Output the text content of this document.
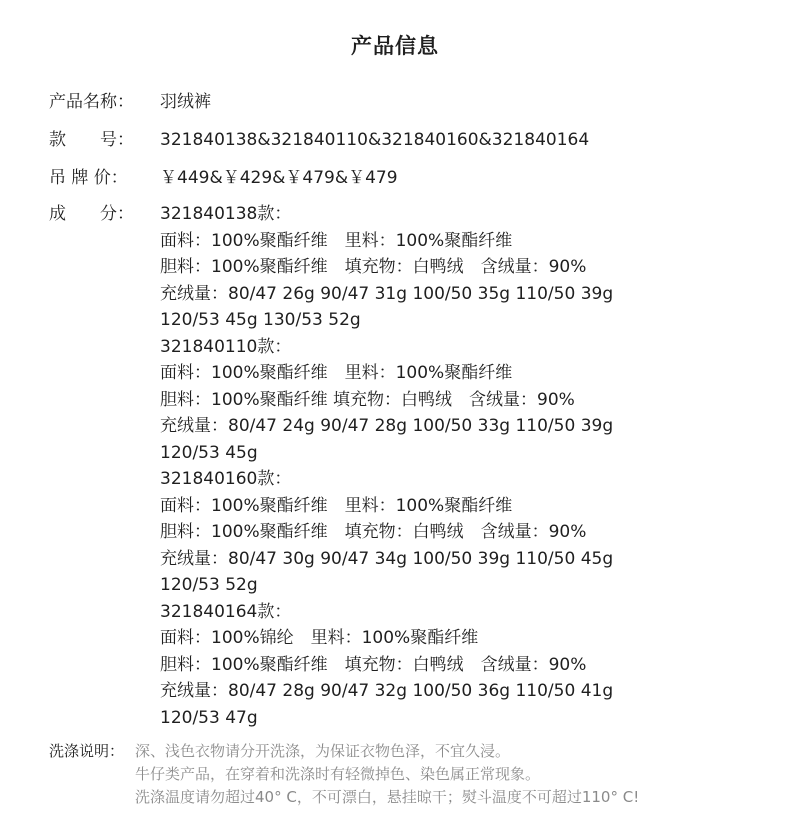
产品信息
产品名称：	羽绒裤
款　　号：	321840138&321840110&321840160&321840164
吊 牌 价：	￥449&￥429&￥479&￥479
成　　分：	321840138款：
面料：100%聚酯纤维　里料：100%聚酯纤维
胆料：100%聚酯纤维　填充物：白鸭绒　含绒量：90%
充绒量：80/47 26g 90/47 31g 100/50 35g 110/50 39g
120/53 45g 130/53 52g
321840110款：
面料：100%聚酯纤维　里料：100%聚酯纤维
胆料：100%聚酯纤维 填充物：白鸭绒　含绒量：90%
充绒量：80/47 24g 90/47 28g 100/50 33g 110/50 39g
120/53 45g
321840160款：
面料：100%聚酯纤维　里料：100%聚酯纤维
胆料：100%聚酯纤维　填充物：白鸭绒　含绒量：90%
充绒量：80/47 30g 90/47 34g 100/50 39g 110/50 45g
120/53 52g
321840164款：
面料：100%锦纶　里料：100%聚酯纤维
胆料：100%聚酯纤维　填充物：白鸭绒　含绒量：90%
充绒量：80/47 28g 90/47 32g 100/50 36g 110/50 41g
120/53 47g
洗涤说明： 深、浅色衣物请分开洗涤，为保证衣物色泽，不宜久浸。
牛仔类产品，在穿着和洗涤时有轻微掉色、染色属正常现象。
洗涤温度请勿超过40° C，不可漂白，悬挂晾干；熨斗温度不可超过110° C!
